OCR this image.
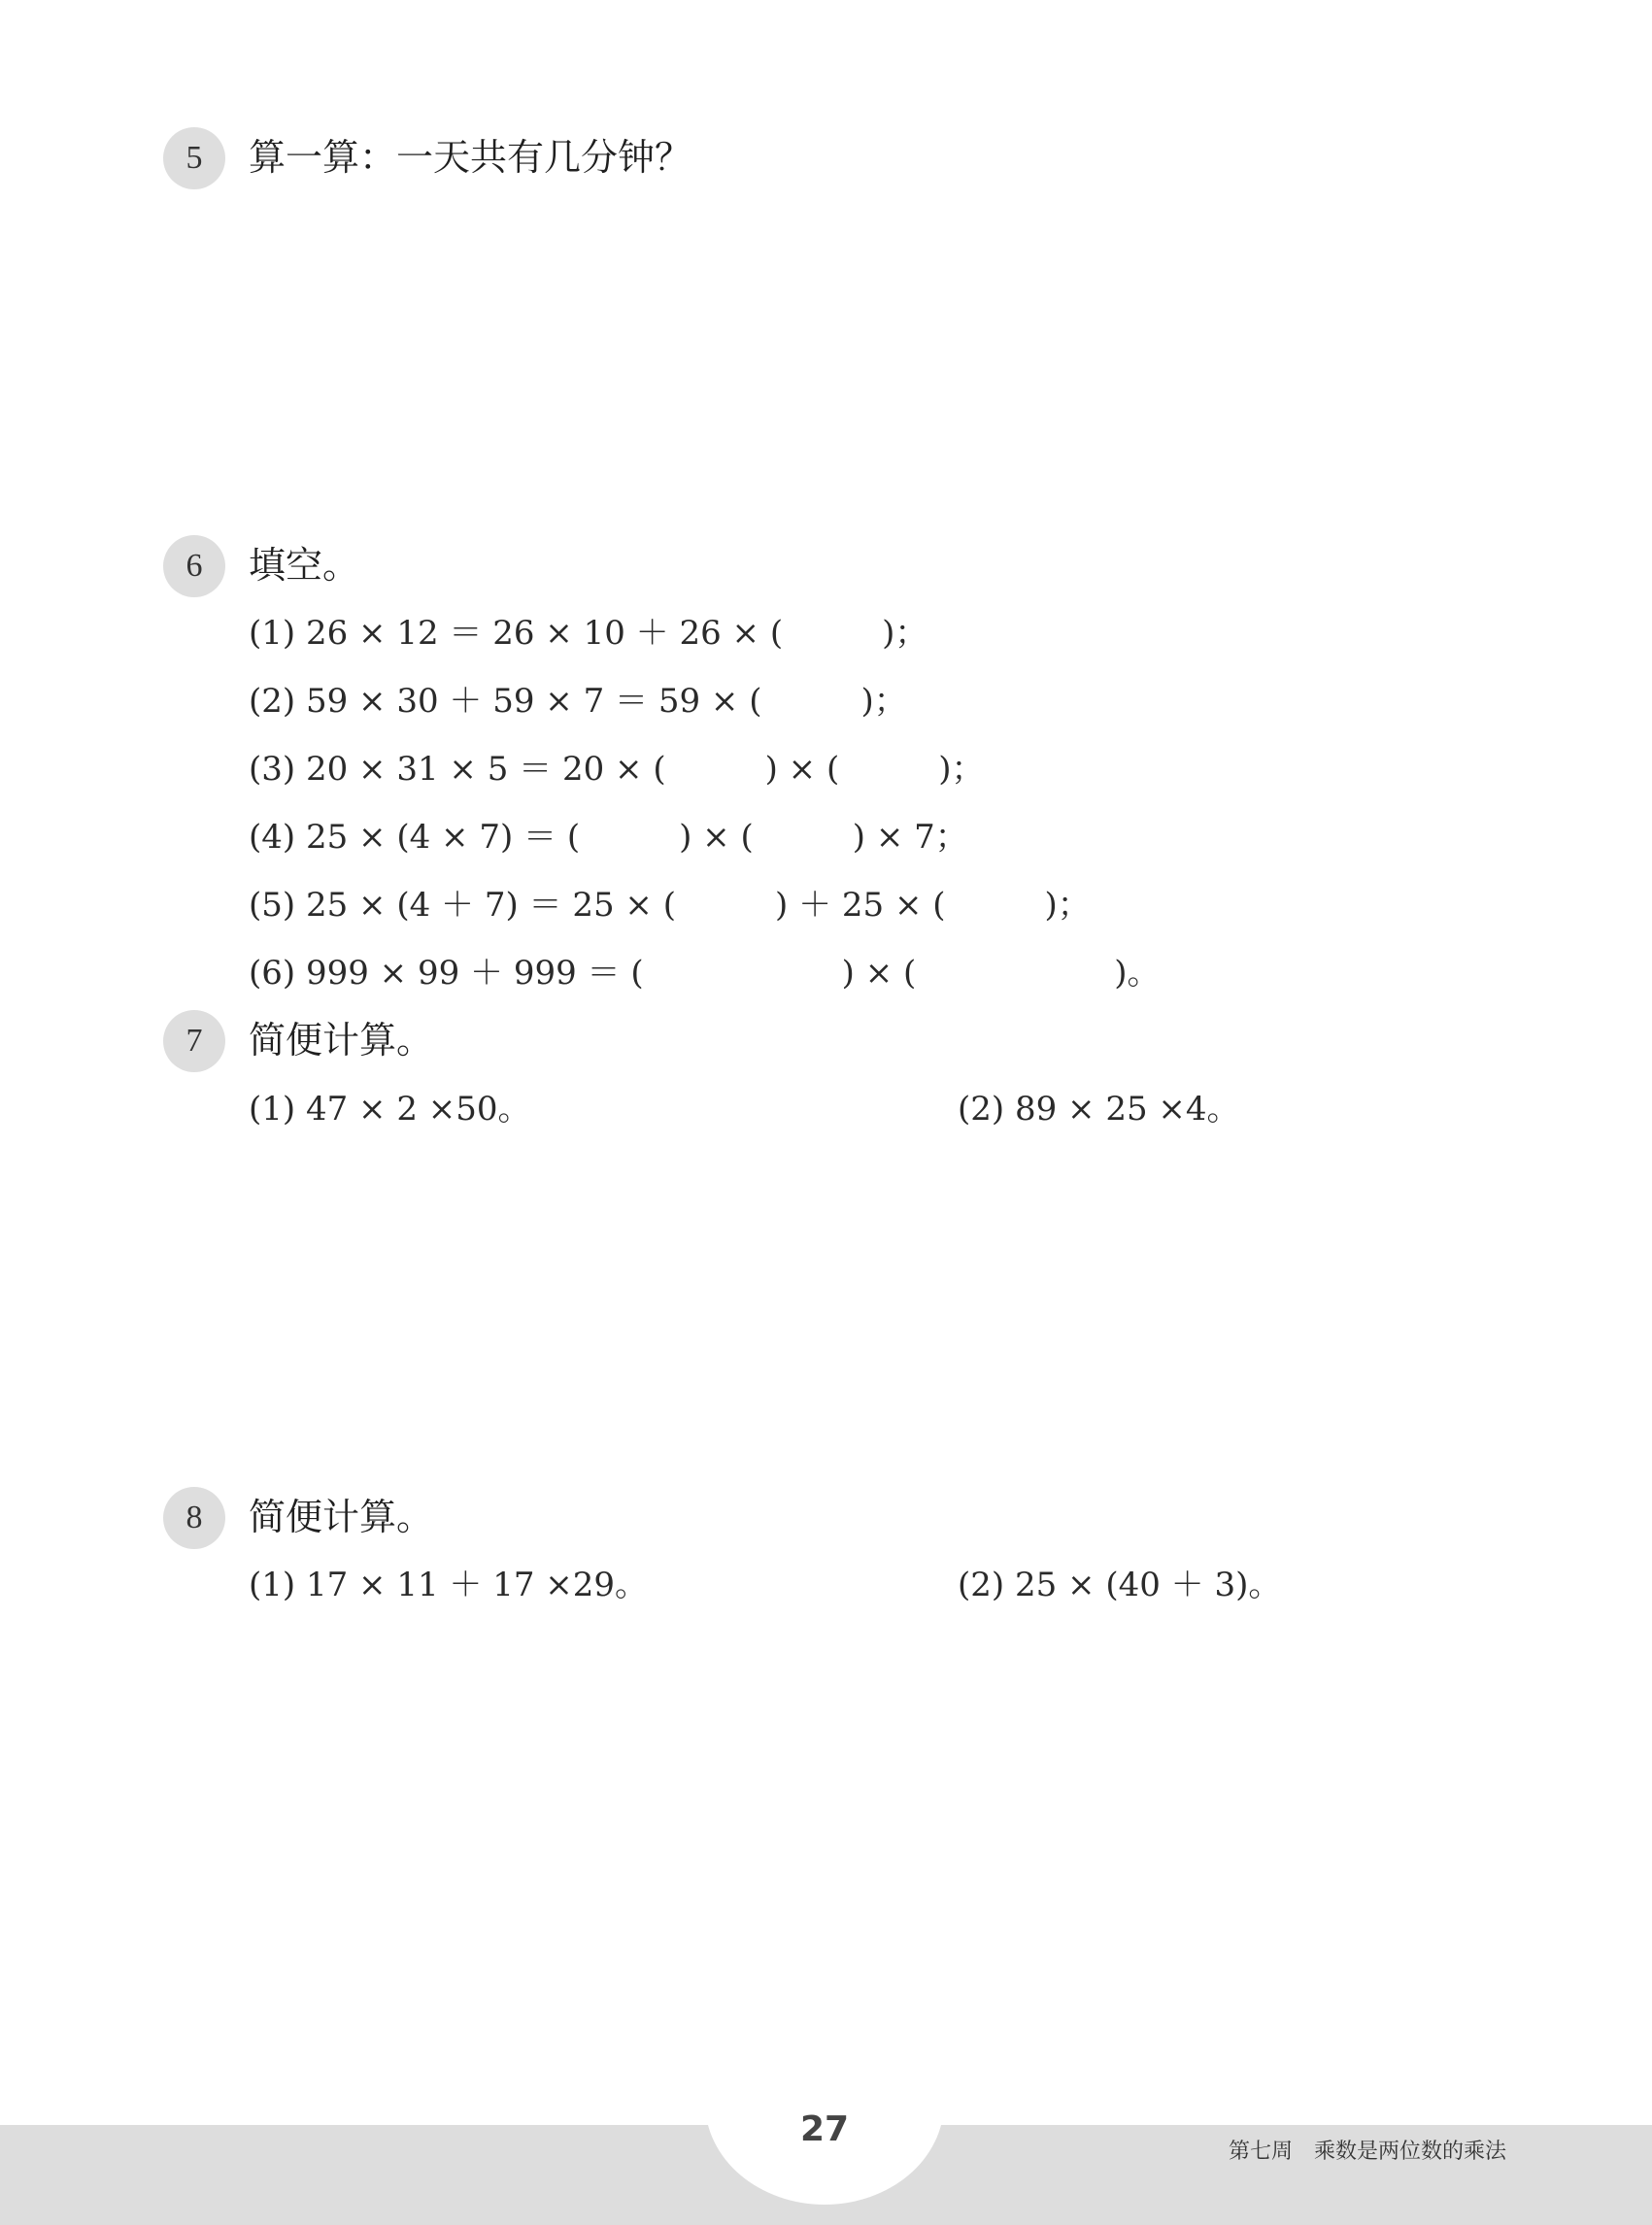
5	算一算：一天共有几分钟？
6	填空。
(1) 26 × 12 ＝ 26 × 10 ＋ 26 × (　　　)；
(2) 59 × 30 ＋ 59 × 7 ＝ 59 × (　　　)；
(3) 20 × 31 × 5 ＝ 20 × (　　　) × (　　　)；
(4) 25 × (4 × 7) ＝ (　　　) × (　　　) × 7；
(5) 25 × (4 ＋ 7) ＝ 25 × (　　　) ＋ 25 × (　　　)；
(6) 999 × 99 ＋ 999 ＝ (　　　　　　) × (　　　　　　)。
7	简便计算。
(1) 47 × 2 ×50。	(2) 89 × 25 ×4。
8	简便计算。
(1) 17 × 11 ＋ 17 ×29。	(2) 25 × (40 ＋ 3)。
27
第七周　乘数是两位数的乘法
